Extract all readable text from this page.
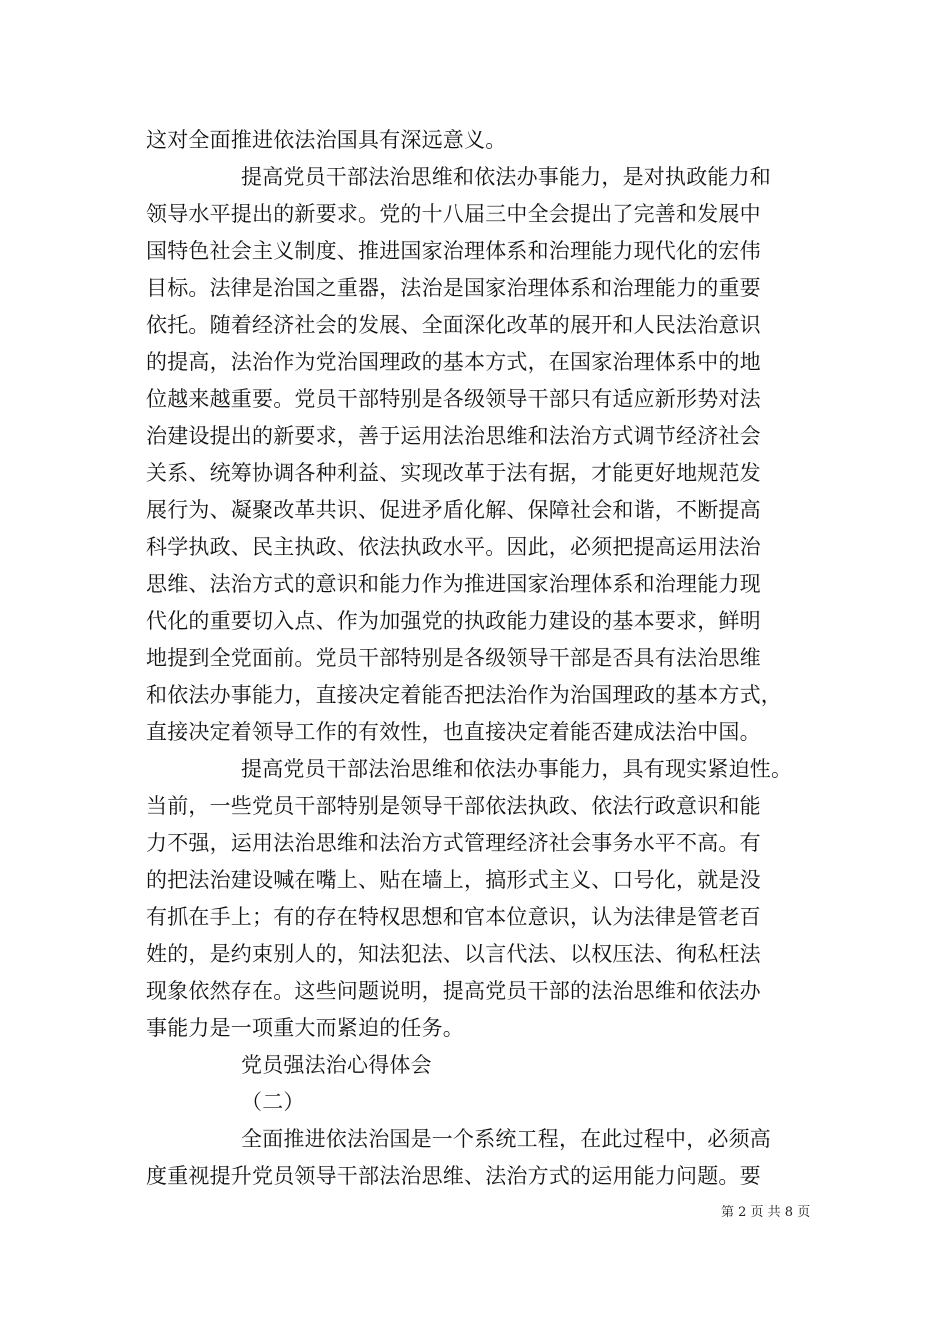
这对全面推进依法治国具有深远意义。
提高党员干部法治思维和依法办事能力，是对执政能力和
领导水平提出的新要求。党的十八届三中全会提出了完善和发展中
国特色社会主义制度、推进国家治理体系和治理能力现代化的宏伟
目标。法律是治国之重器，法治是国家治理体系和治理能力的重要
依托。随着经济社会的发展、全面深化改革的展开和人民法治意识
的提高，法治作为党治国理政的基本方式，在国家治理体系中的地
位越来越重要。党员干部特别是各级领导干部只有适应新形势对法
治建设提出的新要求，善于运用法治思维和法治方式调节经济社会
关系、统筹协调各种利益、实现改革于法有据，才能更好地规范发
展行为、凝聚改革共识、促进矛盾化解、保障社会和谐，不断提高
科学执政、民主执政、依法执政水平。因此，必须把提高运用法治
思维、法治方式的意识和能力作为推进国家治理体系和治理能力现
代化的重要切入点、作为加强党的执政能力建设的基本要求，鲜明
地提到全党面前。党员干部特别是各级领导干部是否具有法治思维
和依法办事能力，直接决定着能否把法治作为治国理政的基本方式，
直接决定着领导工作的有效性，也直接决定着能否建成法治中国。
提高党员干部法治思维和依法办事能力，具有现实紧迫性。
当前，一些党员干部特别是领导干部依法执政、依法行政意识和能
力不强，运用法治思维和法治方式管理经济社会事务水平不高。有
的把法治建设喊在嘴上、贴在墙上，搞形式主义、口号化，就是没
有抓在手上；有的存在特权思想和官本位意识，认为法律是管老百
姓的，是约束别人的，知法犯法、以言代法、以权压法、徇私枉法
现象依然存在。这些问题说明，提高党员干部的法治思维和依法办
事能力是一项重大而紧迫的任务。
党员强法治心得体会
（二）
全面推进依法治国是一个系统工程，在此过程中，必须高
度重视提升党员领导干部法治思维、法治方式的运用能力问题。要
第 2 页 共 8 页
